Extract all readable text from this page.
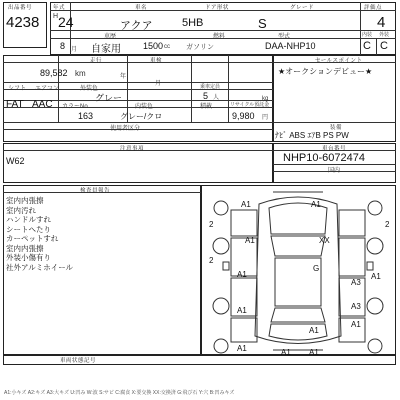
出品番号
4238
年式	車名	ドア形状	グレード	評価点
H 24	アクア	5HB	S	4
車歴	燃料	型式	内装 外装
8 月 自家用 1500 cc ガソリン	DAA-NHP10	C C
走行	車検
89,582 km	年
月
シフト エアコン	外装色	乗車定員
FAT AAC
グレー	5 人	kg
カラーNo.	内装色	積載	リサイクル預託金
163	グレー/クロ	9,980 円
使用者区分
セールスポイント
★オークションデビュー★
装備
ﾅﾋﾞ ABS ｴｱB PS PW
注意事項
W62
車台番号
NHP10-6072474
国内
検査員報告
室内内張擦
室内汚れ
ハンドルすれ
シートへたり
カーペットすれ
室内内張擦
外装小傷有り
社外アルミホイール
A1	A1
A1	XX
G
A1
A1
A3
A1
A1
A3
A1
A1
A1 A1
2
2
2
車両状態記号
A1:小キズ A2:キズ A3:大キズ U:凹み W:波 S:サビ C:腐食 X:要交換 XX:交換済 G:飛び石 Y:穴 B:凹みキズ
